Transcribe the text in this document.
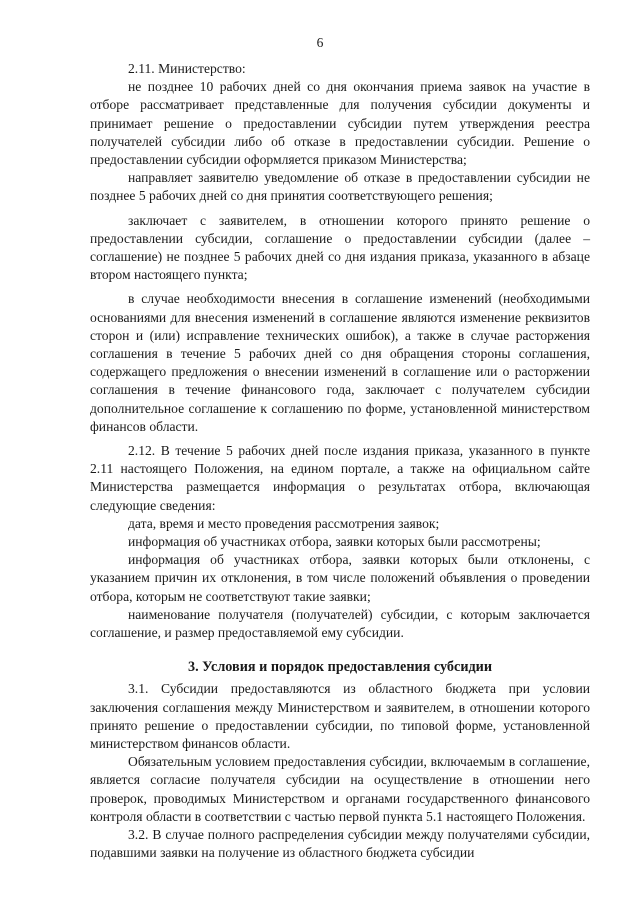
6

2.11. Министерство:

не позднее 10 рабочих дней со дня окончания приема заявок на участие в отборе рассматривает представленные для получения субсидии документы и принимает решение о предоставлении субсидии путем утверждения реестра получателей субсидии либо об отказе в предоставлении субсидии. Решение о предоставлении субсидии оформляется приказом Министерства;

направляет заявителю уведомление об отказе в предоставлении субсидии не позднее 5 рабочих дней со дня принятия соответствующего решения;

заключает с заявителем, в отношении которого принято решение о предоставлении субсидии, соглашение о предоставлении субсидии (далее – соглашение) не позднее 5 рабочих дней со дня издания приказа, указанного в абзаце втором настоящего пункта;

в случае необходимости внесения в соглашение изменений (необходимыми основаниями для внесения изменений в соглашение являются изменение реквизитов сторон и (или) исправление технических ошибок), а также в случае расторжения соглашения в течение 5 рабочих дней со дня обращения стороны соглашения, содержащего предложения о внесении изменений в соглашение или о расторжении соглашения в течение финансового года, заключает с получателем субсидии дополнительное соглашение к соглашению по форме, установленной министерством финансов области.

2.12. В течение 5 рабочих дней после издания приказа, указанного в пункте 2.11 настоящего Положения, на едином портале, а также на официальном сайте Министерства размещается информация о результатах отбора, включающая следующие сведения:

дата, время и место проведения рассмотрения заявок;

информация об участниках отбора, заявки которых были рассмотрены;

информация об участниках отбора, заявки которых были отклонены, с указанием причин их отклонения, в том числе положений объявления о проведении отбора, которым не соответствуют такие заявки;

наименование получателя (получателей) субсидии, с которым заключается соглашение, и размер предоставляемой ему субсидии.

3. Условия и порядок предоставления субсидии

3.1. Субсидии предоставляются из областного бюджета при условии заключения соглашения между Министерством и заявителем, в отношении которого принято решение о предоставлении субсидии, по типовой форме, установленной министерством финансов области.

Обязательным условием предоставления субсидии, включаемым в соглашение, является согласие получателя субсидии на осуществление в отношении него проверок, проводимых Министерством и органами государственного финансового контроля области в соответствии с частью первой пункта 5.1 настоящего Положения.

3.2. В случае полного распределения субсидии между получателями субсидии, подавшими заявки на получение из областного бюджета субсидии
